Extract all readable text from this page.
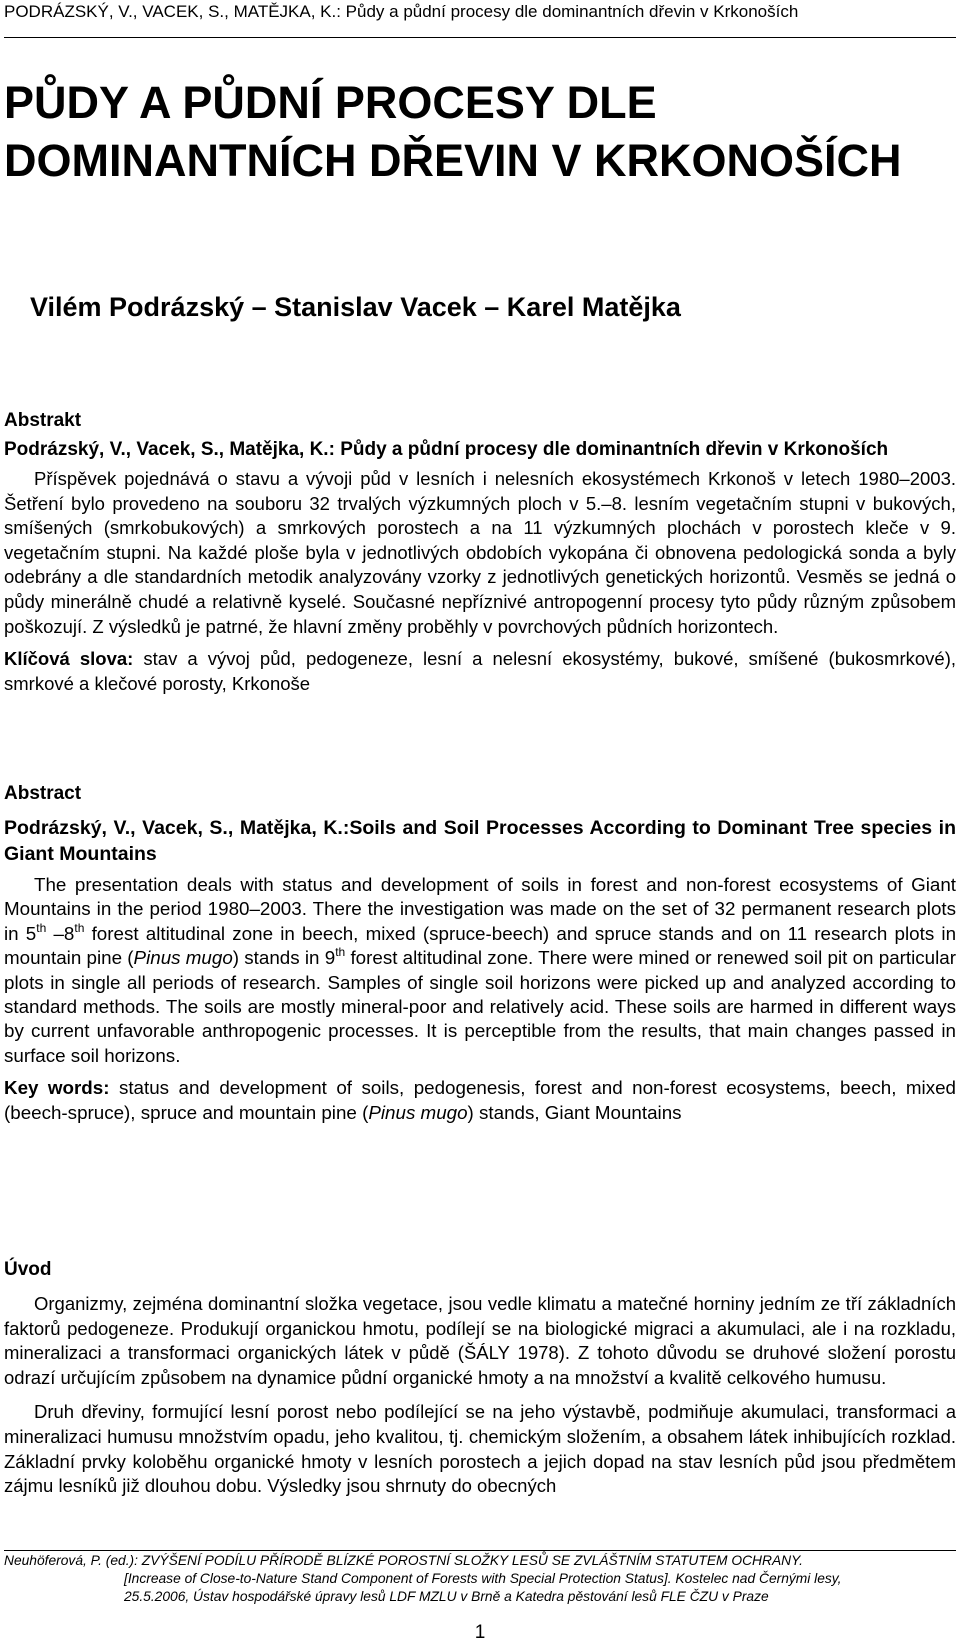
PODRÁZSKÝ, V., VACEK, S., MATĚJKA, K.: Půdy a půdní procesy dle dominantních dřevin v Krkonoších
PŮDY A PŮDNÍ PROCESY DLE
DOMINANTNÍCH DŘEVIN V KRKONOŠÍCH
Vilém Podrázský – Stanislav Vacek – Karel Matějka
Abstrakt
Podrázský, V., Vacek, S., Matějka, K.: Půdy a půdní procesy dle dominantních dřevin v Krkonoších

Příspěvek pojednává o stavu a vývoji půd v lesních i nelesních ekosystémech Krkonoš v letech 1980–2003. Šetření bylo provedeno na souboru 32 trvalých výzkumných ploch v 5.–8. lesním vegetačním stupni v bukových, smíšených (smrkobukových) a smrkových porostech a na 11 výzkumných plochách v porostech kleče v 9. vegetačním stupni. Na každé ploše byla v jednotlivých obdobích vykopána či obnovena pedologická sonda a byly odebrány a dle standardních metodik analyzovány vzorky z jednotlivých genetických horizontů. Vesměs se jedná o půdy minerálně chudé a relativně kyselé. Současné nepříznivé antropogenní procesy tyto půdy různým způsobem poškozují. Z výsledků je patrné, že hlavní změny proběhly v povrchových půdních horizontech.

Klíčová slova: stav a vývoj půd, pedogeneze, lesní a nelesní ekosystémy, bukové, smíšené (bukosmrkové), smrkové a klečové porosty, Krkonoše

Abstract
Podrázský, V., Vacek, S., Matějka, K.:Soils and Soil Processes According to Dominant Tree species in Giant Mountains

The presentation deals with status and development of soils in forest and non-forest ecosystems of Giant Mountains in the period 1980–2003. There the investigation was made on the set of 32 permanent research plots in 5th –8th forest altitudinal zone in beech, mixed (spruce-beech) and spruce stands and on 11 research plots in mountain pine (Pinus mugo) stands in 9th forest altitudinal zone. There were mined or renewed soil pit on particular plots in single all periods of research. Samples of single soil horizons were picked up and analyzed according to standard methods. The soils are mostly mineral-poor and relatively acid. These soils are harmed in different ways by current unfavorable anthropogenic processes. It is perceptible from the results, that main changes passed in surface soil horizons.

Key words: status and development of soils, pedogenesis, forest and non-forest ecosystems, beech, mixed (beech-spruce), spruce and mountain pine (Pinus mugo) stands, Giant Mountains

Úvod

Organizmy, zejména dominantní složka vegetace, jsou vedle klimatu a matečné horniny jedním ze tří základních faktorů pedogeneze. Produkují organickou hmotu, podílejí se na biologické migraci a akumulaci, ale i na rozkladu, mineralizaci a transformaci organických látek v půdě (ŠÁLY 1978). Z tohoto důvodu se druhové složení porostu odrazí určujícím způsobem na dynamice půdní organické hmoty a na množství a kvalitě celkového humusu.

Druh dřeviny, formující lesní porost nebo podílející se na jeho výstavbě, podmiňuje akumulaci, transformaci a mineralizaci humusu množstvím opadu, jeho kvalitou, tj. chemickým složením, a obsahem látek inhibujících rozklad. Základní prvky koloběhu organické hmoty v lesních porostech a jejich dopad na stav lesních půd jsou předmětem zájmu lesníků již dlouhou dobu. Výsledky jsou shrnuty do obecných

Neuhöferová, P. (ed.): ZVÝŠENÍ PODÍLU PŘÍRODĚ BLÍZKÉ POROSTNÍ SLOŽKY LESŮ SE ZVLÁŠTNÍM STATUTEM OCHRANY.
[Increase of Close-to-Nature Stand Component of Forests with Special Protection Status]. Kostelec nad Černými lesy,
25.5.2006, Ústav hospodářské úpravy lesů LDF MZLU v Brně a Katedra pěstování lesů FLE ČZU v Praze
1
